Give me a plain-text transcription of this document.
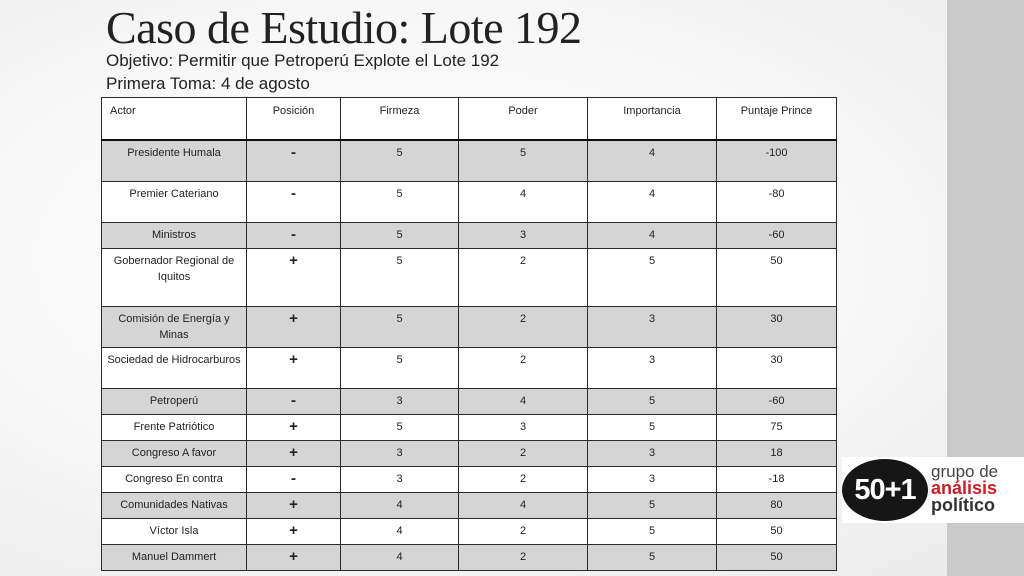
Caso de Estudio: Lote 192
Objetivo: Permitir que Petroperú Explote el Lote 192
Primera Toma: 4 de agosto
Actor	Posición	Firmeza	Poder	Importancia	Puntaje Prince
Presidente Humala	-	5	5	4	-100
Premier Cateriano	-	5	4	4	-80
Ministros	-	5	3	4	-60
Gobernador Regional de Iquitos	+	5	2	5	50
Comisión de Energía y Minas	+	5	2	3	30
Sociedad de Hidrocarburos	+	5	2	3	30
Petroperú	-	3	4	5	-60
Frente Patriótico	+	5	3	5	75
Congreso A favor	+	3	2	3	18
Congreso En contra	-	3	2	3	-18
Comunidades Nativas	+	4	4	5	80
Víctor Isla	+	4	2	5	50
Manuel Dammert	+	4	2	5	50
50+1
grupo de
análisis
político
